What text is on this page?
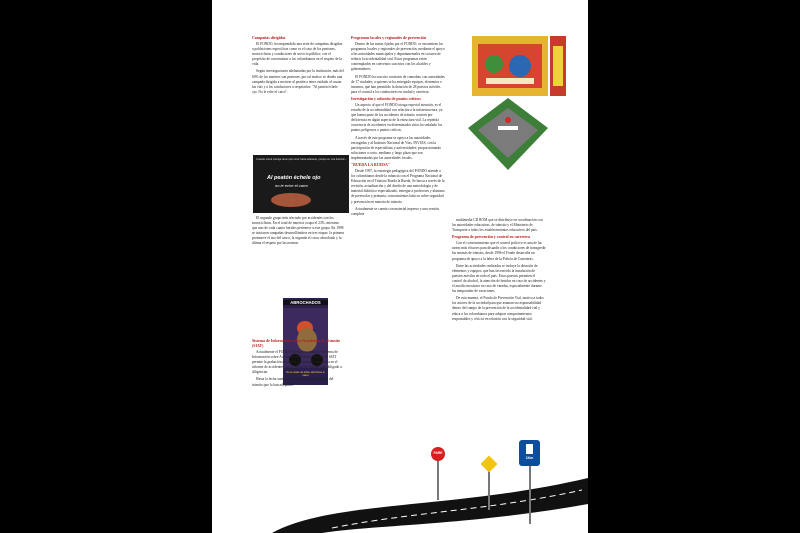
Campañas dirigidas

El FONDO, ha emprendido una serie de campañas dirigidas a poblaciones especificas como es el caso de los peatones, motociclistas y conductores de servicio público; con el propósito de concientizar a los colombianos en el respeto de la vida.

Según investigaciones adelantadas por la institución, más del 60% de los muertos son peatones, por tal motivo se diseño una campaña dirigida a motivar al peatón a tener cuidado al cruzar las vías y a los conductores a respetarlos: "Al peatón échele ojo. No le eche el carro".

Cuando usted maneja tiene que mirar hacia adelante, porque en una fracción...
Al peatón échele ojo
no le eche el carro

El segundo grupo más afectado por accidentes son los motociclistas. En el total de muertos ocupa el 23%, mientras que uno de cada cuatro heridos pertenece a este grupo. En 1998 se iniciaron campañas desarrollándose en tres etapas: la primera promueve el uso del casco, la segunda el casco abrochado y la última el respeto por las normas.

ABROCHADOS
No se suelte de arriba, abróchese el casco
Sistema de Información sobre Accidentes de Tránsito (SIAT)

Actualmente el FONDO ha implementado un Sistema de Información sobre Accidentes de Tránsito (SIAT). El SIAT permite la grabación de toda la información contenida en el informe de accidentes que el agente de tránsito está obligado a diligenciar.

Hasta la fecha suman 20 las entidades reguladoras del tránsito que lo han adoptado.

Programas locales y regionales de prevención

Dentro de las metas fijadas por el FONDO, se encuentran los programas locales y regionales de prevención, mediante el apoyo a las autoridades municipales y departamentales en su tarea de reducir la accidentalidad vial. Estos programas están contemplados en convenios suscritos con los alcaldes y gobernadores.

El FONDO ha suscrito contratos de comodato con autoridades de 17 ciudades, a quienes se ha entregado equipos, elementos e insumos, que han permitido la dotación de 28 puestos móviles para el control a los conductores en ciudad y carretera.

Investigación y solución de puntos críticos

Un aspecto al que el FONDO otorga especial atención, es el estudio de la accidentalidad con relación a la infraestructura, ya que buena parte de los accidentes de tránsito ocurren por deficiencia en algún aspecto de la estructura vial. La repetida ocurrencia de accidentes en determinados sitios ha señalado los puntos peligrosos o puntos críticos.

A través de este programa se apoya a las autoridades encargadas y al Instituto Nacional de Vías, INVIAS, con la participación de especialistas y universidades; proporcionando soluciones a corto, mediano y largo plazo que son implementadas por las autoridades locales.

"RUEDA LA RUEDA"

Desde 1997, la estrategia pedagógica del FONDO atiende a los colombianos desde la infancia con el Programa Nacional de Educación en el Tránsito Rueda la Rueda. Se busca a través de la revisión, actualización y del diseño de una metodología y de material didáctico especializado, entregar a profesores y alumnos de preescolar y primaria, conocimientos básicos sobre seguridad y prevención en materia de tránsito.

Actualmente se cuenta con material impreso y una versión completa

multimedia CD ROM que se distribuye en coordinación con las autoridades educativas, de tránsito y el Ministerio de Transporte a todos los establecimientos educativos del país.

Programa de prevención y control en carretera

Con el convencimiento que el control policivo es una de las tareas más eficaces para disuadir a los conductores de transgredir las normas de tránsito, desde 1996 el Fondo desarrolla un programa de apoyo a la labor de la Policía de Carreteras.

Entre las actividades realizadas se incluye la dotación de elementos y equipos, que han favorecido la instalación de puestos móviles en todo el país. Estos puestos permiten el control de alcohol, la atención de heridos en caso de accidentes y el auxilio mecánico en caso de varadas, especialmente durante las temporadas de vacaciones.

De esta manera, el Fondo de Prevención Vial, motiva a todos los actores de la sociedad para que asuman su responsabilidad dentro del campo de la prevención de la accidentalidad vial y educa a los colombianos para adoptar comportamientos responsables y cívicos en relación con la seguridad vial.

PARE
1Km
